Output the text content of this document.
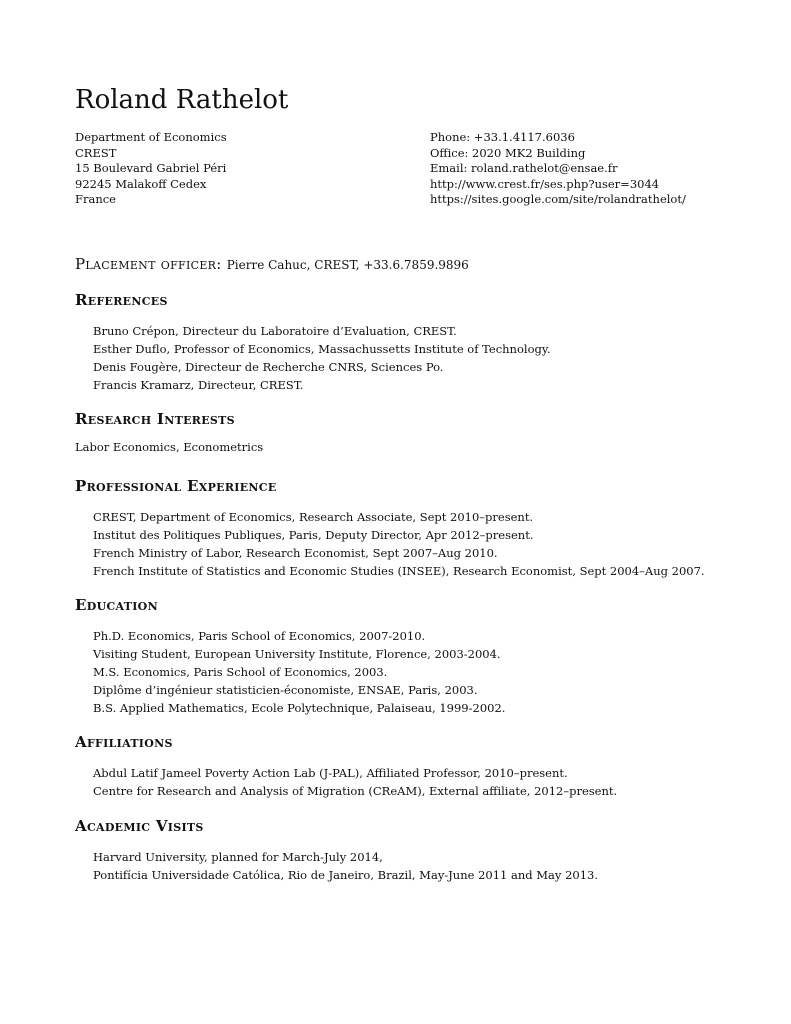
Roland Rathelot
Department of Economics
CREST
15 Boulevard Gabriel Péri
92245 Malakoff Cedex
France
Phone: +33.1.4117.6036
Office: 2020 MK2 Building
Email: roland.rathelot@ensae.fr
http://www.crest.fr/ses.php?user=3044
https://sites.google.com/site/rolandrathelot/
Placement officer: Pierre Cahuc, CREST, +33.6.7859.9896
References
Bruno Crépon, Directeur du Laboratoire d’Evaluation, CREST.
Esther Duflo, Professor of Economics, Massachussetts Institute of Technology.
Denis Fougère, Directeur de Recherche CNRS, Sciences Po.
Francis Kramarz, Directeur, CREST.
Research Interests
Labor Economics, Econometrics
Professional Experience
CREST, Department of Economics, Research Associate, Sept 2010–present.
Institut des Politiques Publiques, Paris, Deputy Director, Apr 2012–present.
French Ministry of Labor, Research Economist, Sept 2007–Aug 2010.
French Institute of Statistics and Economic Studies (INSEE), Research Economist, Sept 2004–Aug 2007.
Education
Ph.D. Economics, Paris School of Economics, 2007-2010.
Visiting Student, European University Institute, Florence, 2003-2004.
M.S. Economics, Paris School of Economics, 2003.
Diplôme d’ingénieur statisticien-économiste, ENSAE, Paris, 2003.
B.S. Applied Mathematics, Ecole Polytechnique, Palaiseau, 1999-2002.
Affiliations
Abdul Latif Jameel Poverty Action Lab (J-PAL), Affiliated Professor, 2010–present.
Centre for Research and Analysis of Migration (CReAM), External affiliate, 2012–present.
Academic Visits
Harvard University, planned for March-July 2014,
Pontifícia Universidade Católica, Rio de Janeiro, Brazil, May-June 2011 and May 2013.
